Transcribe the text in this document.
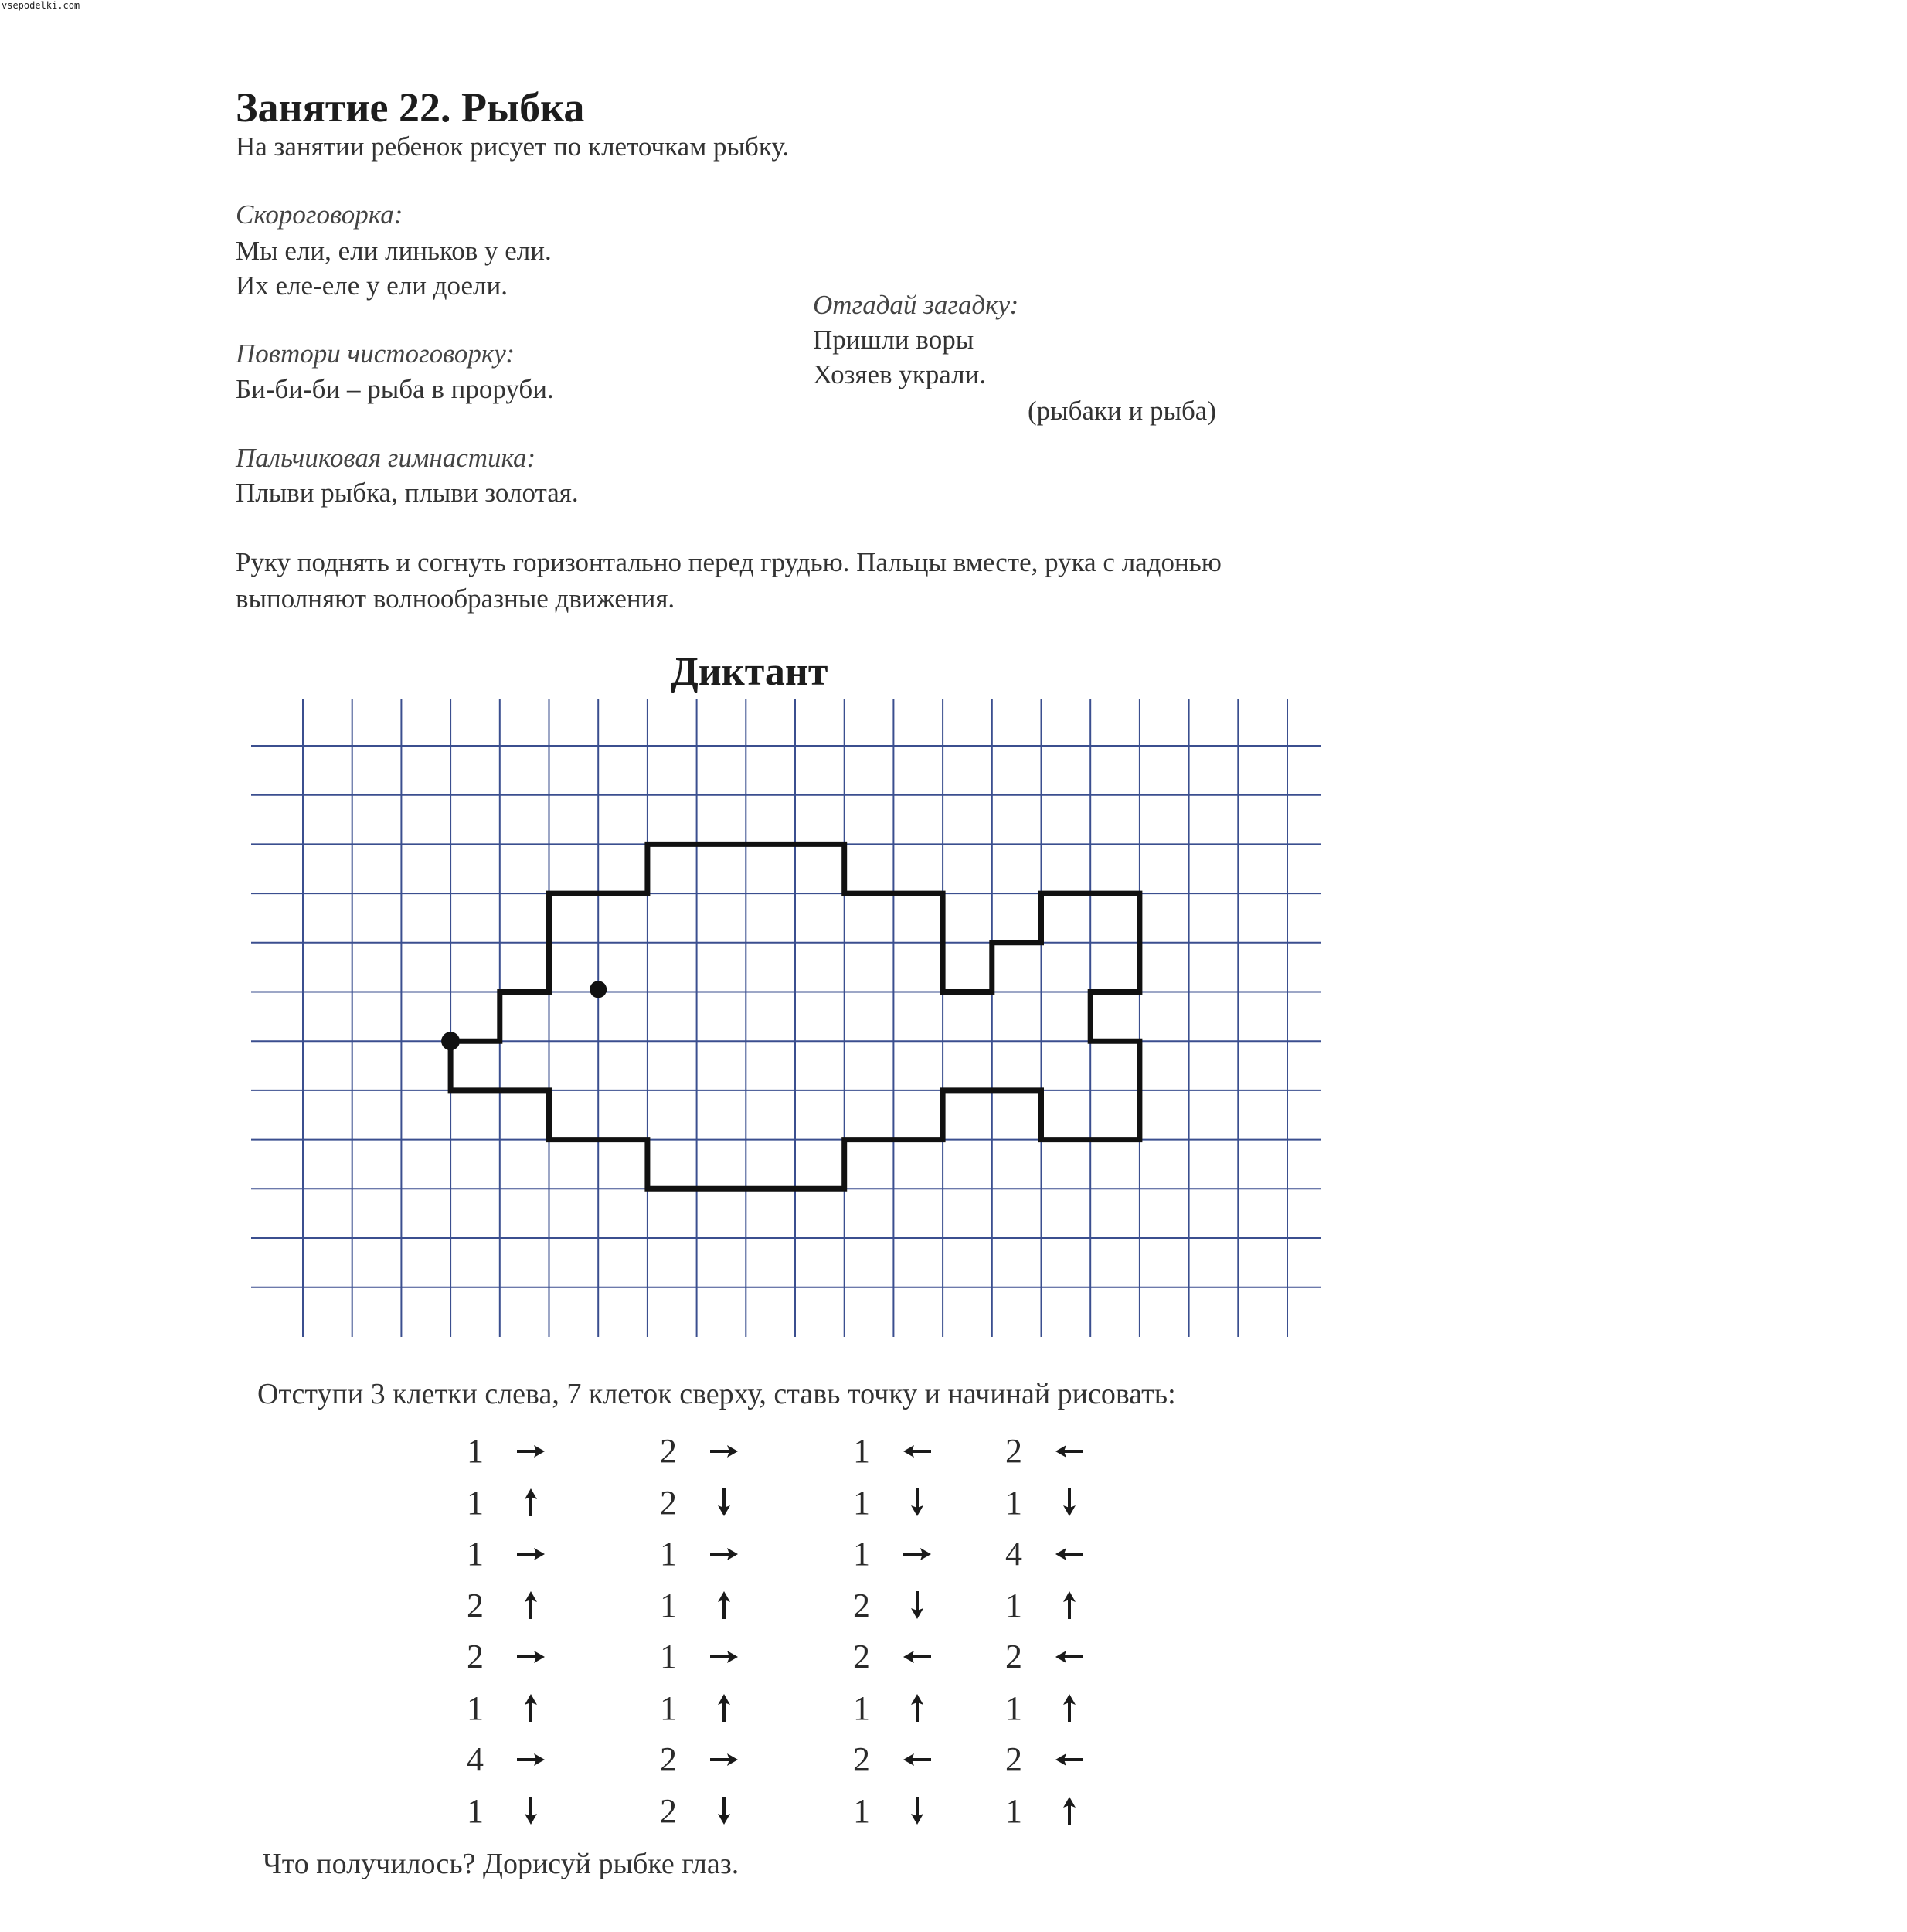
vsepodelki.com
Занятие 22. Рыбка
На занятии ребенок рисует по клеточкам рыбку.
Скороговорка:
Мы ели, ели линьков у ели.
Их еле-еле у ели доели.
Отгадай загадку:
Пришли воры
Хозяев украли.
(рыбаки и рыба)
Повтори чистоговорку:
Би-би-би – рыба в проруби.
Пальчиковая гимнастика:
Плыви рыбка, плыви золотая.
Руку поднять и согнуть горизонтально перед грудью. Пальцы вместе, рука с ладонью
выполняют волнообразные движения.
Диктант
Отступи 3 клетки слева, 7 клеток сверху, ставь точку и начинай рисовать:
1
1
1
2
2
1
4
1
2
2
1
1
1
1
2
2
1
1
1
2
2
1
2
1
2
1
4
1
2
1
2
1
Что получилось? Дорисуй рыбке глаз.
